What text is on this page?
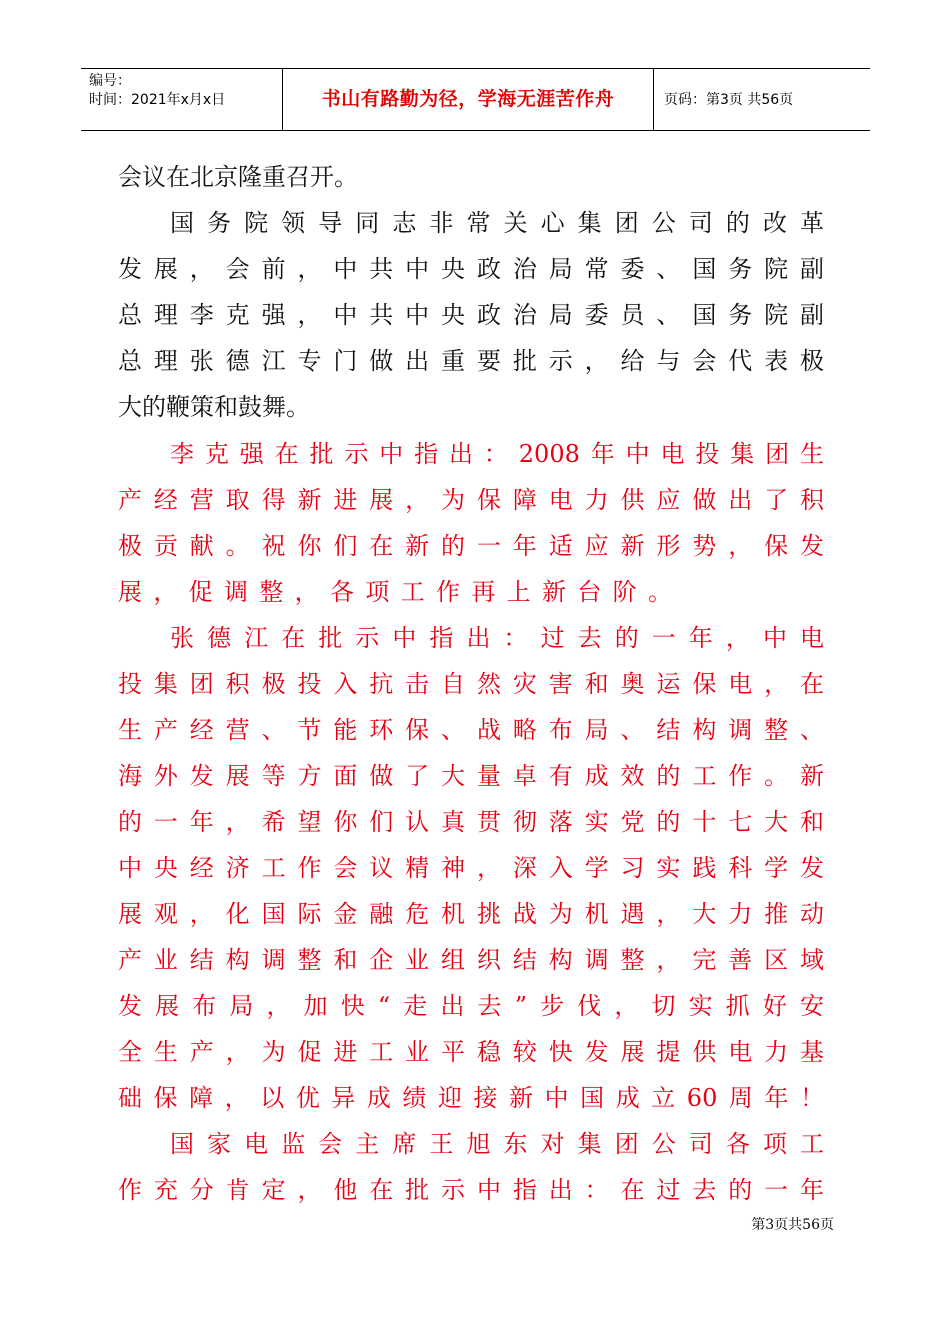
编号：
时间：2021年x月x日	书山有路勤为径，学海无涯苦作舟	页码：第3页 共56页
会议在北京隆重召开。
国务院领导同志非常关心集团公司的改革
发展，会前，中共中央政治局常委、国务院副
总理李克强，中共中央政治局委员、国务院副
总理张德江专门做出重要批示，给与会代表极
大的鞭策和鼓舞。
李克强在批示中指出：2008年中电投集团生
产经营取得新进展，为保障电力供应做出了积
极贡献。祝你们在新的一年适应新形势，保发
展，促调整，各项工作再上新台阶。
张德江在批示中指出：过去的一年，中电
投集团积极投入抗击自然灾害和奥运保电，在
生产经营、节能环保、战略布局、结构调整、
海外发展等方面做了大量卓有成效的工作。新
的一年，希望你们认真贯彻落实党的十七大和
中央经济工作会议精神，深入学习实践科学发
展观，化国际金融危机挑战为机遇，大力推动
产业结构调整和企业组织结构调整，完善区域
发展布局，加快“走出去”步伐，切实抓好安
全生产，为促进工业平稳较快发展提供电力基
础保障，以优异成绩迎接新中国成立60周年！
国家电监会主席王旭东对集团公司各项工
作充分肯定，他在批示中指出：在过去的一年
第3页共56页
